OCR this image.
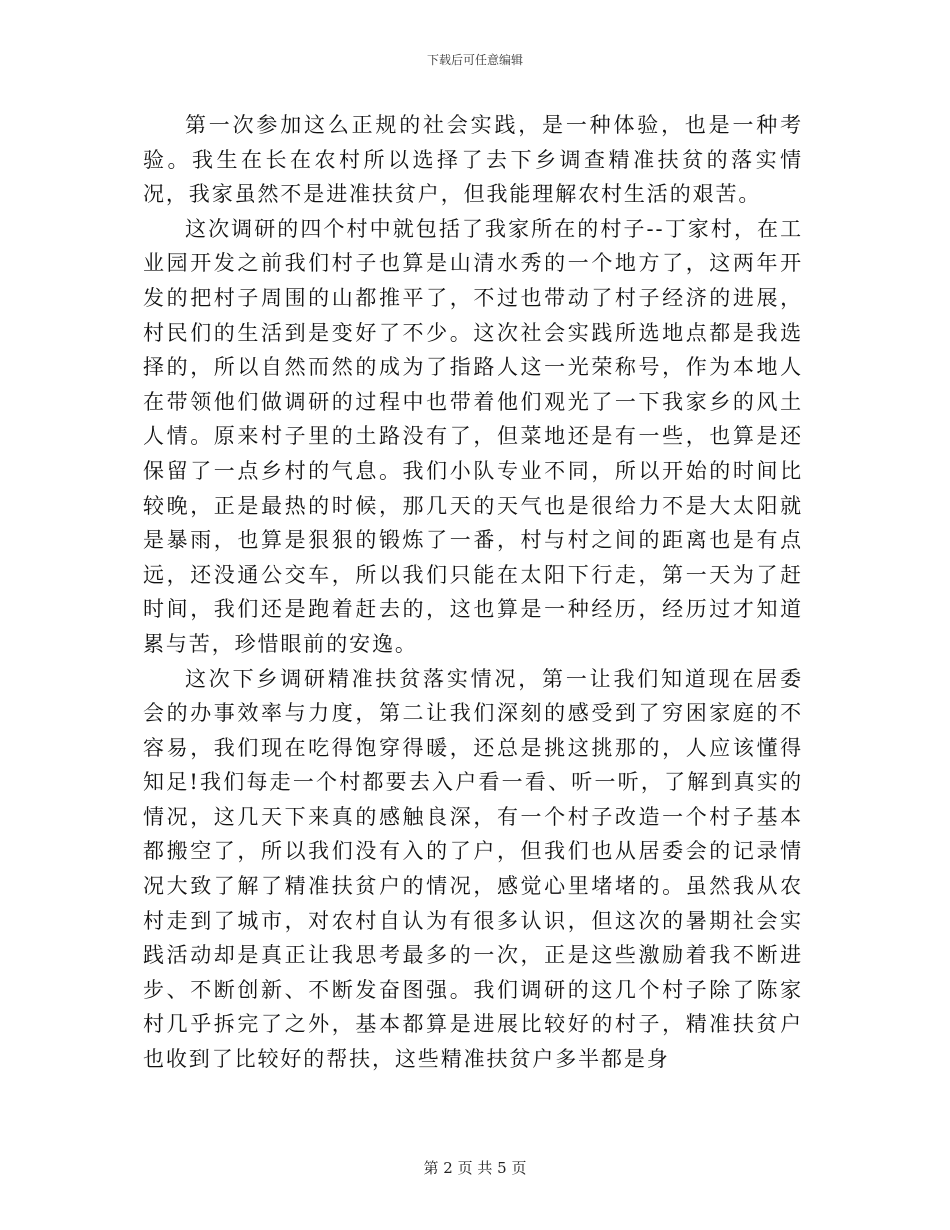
下载后可任意编辑

第一次参加这么正规的社会实践，是一种体验，也是一种考验。我生在长在农村所以选择了去下乡调查精准扶贫的落实情况，我家虽然不是进准扶贫户，但我能理解农村生活的艰苦。

这次调研的四个村中就包括了我家所在的村子--丁家村，在工业园开发之前我们村子也算是山清水秀的一个地方了，这两年开发的把村子周围的山都推平了，不过也带动了村子经济的进展，村民们的生活到是变好了不少。这次社会实践所选地点都是我选择的，所以自然而然的成为了指路人这一光荣称号，作为本地人在带领他们做调研的过程中也带着他们观光了一下我家乡的风土人情。原来村子里的土路没有了，但菜地还是有一些，也算是还保留了一点乡村的气息。我们小队专业不同，所以开始的时间比较晚，正是最热的时候，那几天的天气也是很给力不是大太阳就是暴雨，也算是狠狠的锻炼了一番，村与村之间的距离也是有点远，还没通公交车，所以我们只能在太阳下行走，第一天为了赶时间，我们还是跑着赶去的，这也算是一种经历，经历过才知道累与苦，珍惜眼前的安逸。

这次下乡调研精准扶贫落实情况，第一让我们知道现在居委会的办事效率与力度，第二让我们深刻的感受到了穷困家庭的不容易，我们现在吃得饱穿得暖，还总是挑这挑那的，人应该懂得知足!我们每走一个村都要去入户看一看、听一听，了解到真实的情况，这几天下来真的感触良深，有一个村子改造一个村子基本都搬空了，所以我们没有入的了户，但我们也从居委会的记录情况大致了解了精准扶贫户的情况，感觉心里堵堵的。虽然我从农村走到了城市，对农村自认为有很多认识，但这次的暑期社会实践活动却是真正让我思考最多的一次，正是这些激励着我不断进步、不断创新、不断发奋图强。我们调研的这几个村子除了陈家村几乎拆完了之外，基本都算是进展比较好的村子，精准扶贫户也收到了比较好的帮扶，这些精准扶贫户多半都是身

第 2 页 共 5 页
